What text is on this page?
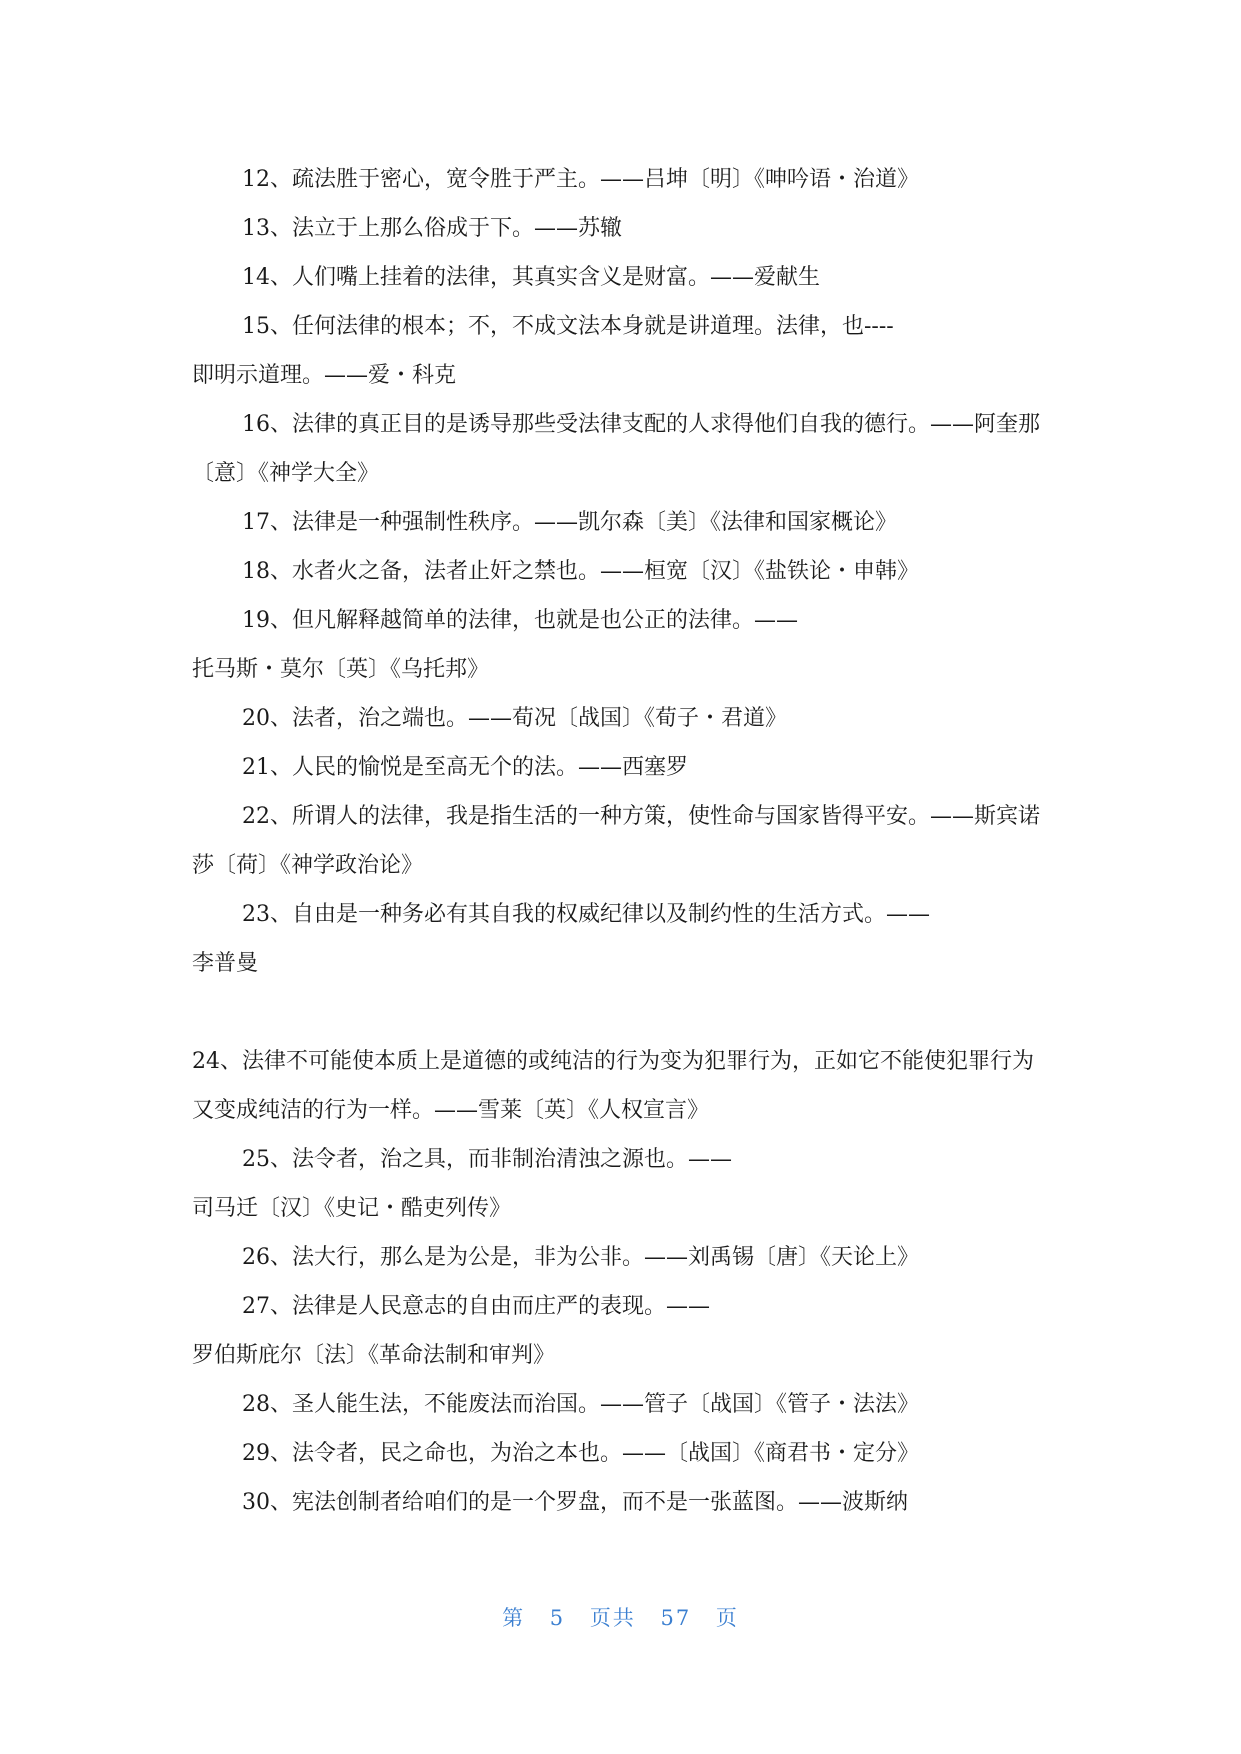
12、疏法胜于密心，宽令胜于严主。——吕坤〔明〕《呻吟语・治道》

13、法立于上那么俗成于下。——苏辙

14、人们嘴上挂着的法律，其真实含义是财富。——爱献生

15、任何法律的根本；不，不成文法本身就是讲道理。法律，也----
即明示道理。——爱・科克

16、法律的真正目的是诱导那些受法律支配的人求得他们自我的德行。——阿奎那〔意〕《神学大全》

17、法律是一种强制性秩序。——凯尔森〔美〕《法律和国家概论》

18、水者火之备，法者止奸之禁也。——桓宽〔汉〕《盐铁论・申韩》

19、但凡解释越简单的法律，也就是也公正的法律。——
托马斯・莫尔〔英〕《乌托邦》

20、法者，治之端也。——荀况〔战国〕《荀子・君道》

21、人民的愉悦是至高无个的法。——西塞罗

22、所谓人的法律，我是指生活的一种方策，使性命与国家皆得平安。——斯宾诺莎〔荷〕《神学政治论》

23、自由是一种务必有其自我的权威纪律以及制约性的生活方式。——
李普曼

24、法律不可能使本质上是道德的或纯洁的行为变为犯罪行为，正如它不能使犯罪行为又变成纯洁的行为一样。——雪莱〔英〕《人权宣言》

25、法令者，治之具，而非制治清浊之源也。——
司马迁〔汉〕《史记・酷吏列传》

26、法大行，那么是为公是，非为公非。——刘禹锡〔唐〕《天论上》

27、法律是人民意志的自由而庄严的表现。——
罗伯斯庇尔〔法〕《革命法制和审判》

28、圣人能生法，不能废法而治国。——管子〔战国〕《管子・法法》

29、法令者，民之命也，为治之本也。——〔战国〕《商君书・定分》

30、宪法创制者给咱们的是一个罗盘，而不是一张蓝图。——波斯纳

第 5 页共 57 页
